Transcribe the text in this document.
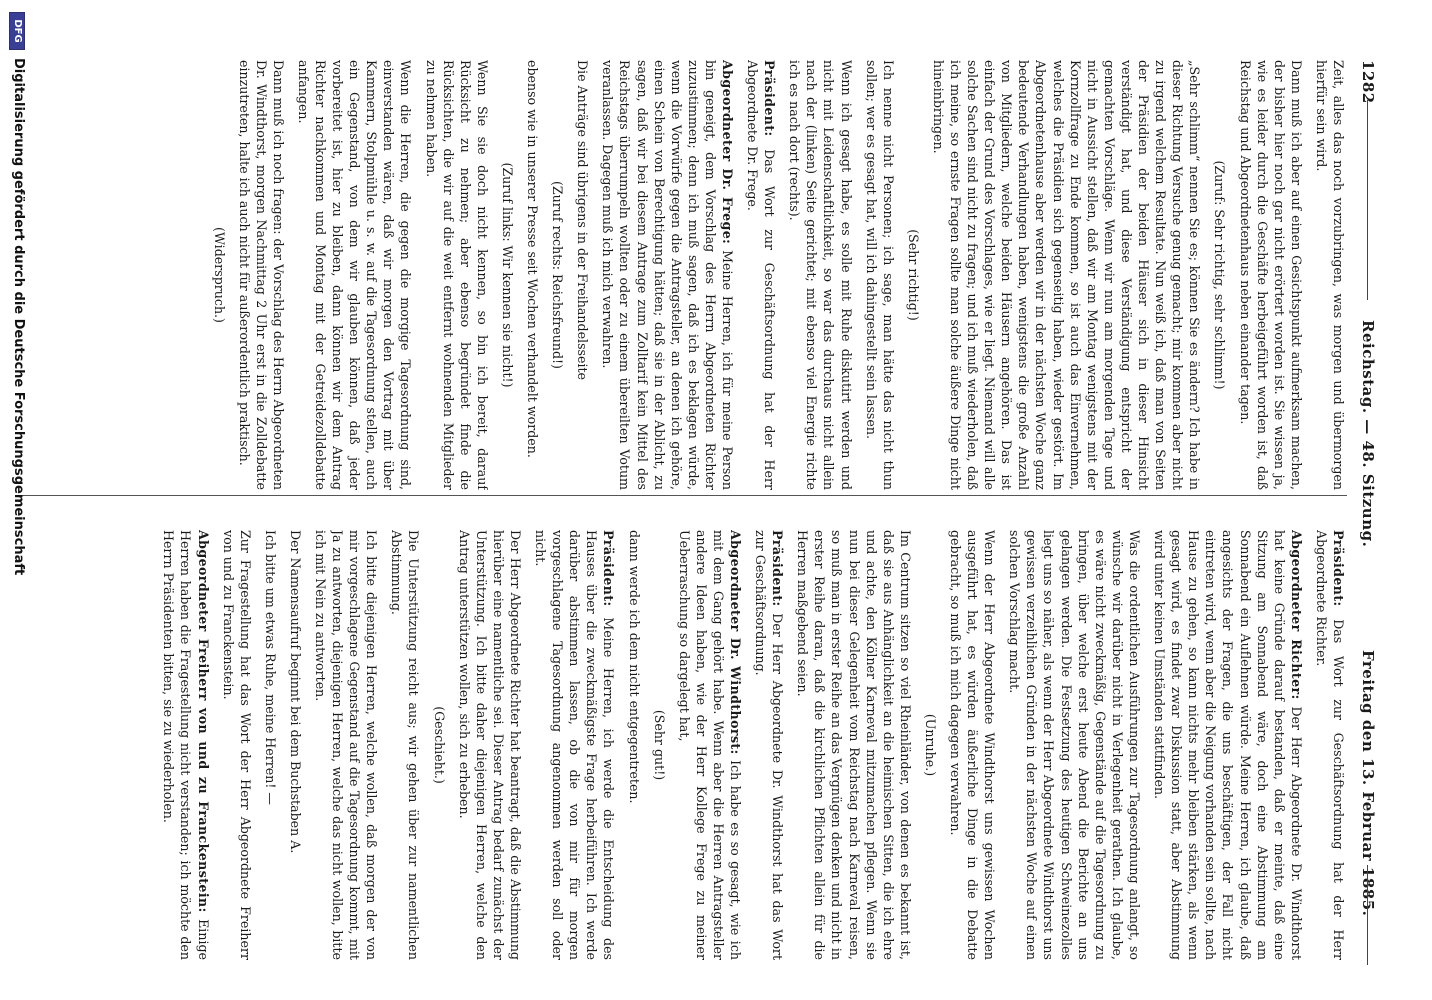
1282
Reichstag. — 48. Sitzung.
Freitag den 13. Februar 1885.

Zeit, alles das noch vorzubringen, was morgen und übermorgen hierfür sein wird.

Dann muß ich aber auf einen Gesichtspunkt aufmerksam machen, der bisher hier noch gar nicht erörtert worden ist. Sie wissen ja, wie es leider durch die Geschäfte herbeigeführt worden ist, daß Reichstag und Abgeordnetenhaus neben einander tagen.

(Zuruf: Sehr richtig, sehr schlimm!)

„Sehr schlimm“ nennen Sie es; können Sie es ändern? Ich habe in dieser Richtung Versuche genug gemacht; mir kommen aber nicht zu irgend welchem Resultate. Nun weiß ich, daß man von Seiten der Präsidien der beiden Häuser sich in dieser Hinsicht verständigt hat, und diese Verständigung entspricht der gemachten Vorschläge. Wenn wir nun am morgenden Tage und nicht in Aussicht stellen, daß wir am Montag wenigstens mit der Kornzollfrage zu Ende kommen, so ist auch das Einvernehmen, welches die Präsidien sich gegenseitig haben, wieder gestört. Im Abgeordnetenhause aber werden wir in der nächsten Woche ganz bedeutende Verhandlungen haben, wenigstens die große Anzahl von Mitgliedern, welche beiden Häusern angehören. Das ist einfach der Grund des Vorschlages, wie er liegt. Niemand will alle solche Sachen sind nicht zu fragen; und ich muß wiederholen, daß ich meine, so ernste Fragen sollte man solche äußere Dinge nicht hineinbringen.

(Sehr richtig!)

Ich nenne nicht Personen; ich sage, man hätte das nicht thun sollen; wer es gesagt hat, will ich dahingestellt sein lassen.

Wenn ich gesagt habe, es solle mit Ruhe diskutirt werden und nicht mit Leidenschaftlichkeit, so war das durchaus nicht allein nach der (linken) Seite gerichtet; mit ebenso viel Energie richte ich es nach dort (rechts).

Präsident: Das Wort zur Geschäftsordnung hat der Herr Abgeordnete Dr. Frege.

Abgeordneter Dr. Frege: Meine Herren, ich für meine Person bin geneigt, dem Vorschlag des Herrn Abgeordneten Richter zuzustimmen; denn ich muß sagen, daß ich es beklagen würde, wenn die Vorwürfe gegen die Antragsteller, an denen ich gehöre, einen Schein von Berechtigung hätten; daß sie in der Ablicht, zu sagen, daß wir bei diesem Antrage zum Zolltarif kein Mittel des Reichstags überrumpeln wollten oder zu einem übereilten Votum veranlassen. Dagegen muß ich mich verwahren.

Die Anträge sind übrigens in der Freihandelsseite

(Zuruf rechts: Reichsfreund!)

ebenso wie in unserer Presse seit Wochen verhandelt worden.

(Zuruf links: Wir kennen sie nicht!)

Wenn Sie sie doch nicht kennen, so bin ich bereit, darauf Rücksicht zu nehmen; aber ebenso begründet finde die Rücksichten, die wir auf die weit entfernt wohnenden Mitglieder zu nehmen haben.

Wenn die Herren, die gegen die morgige Tagesordnung sind, einverstanden wären, daß wir morgen den Vortrag mit über Kammern, Stolpmühle u. s. w. auf die Tagesordnung stellen, auch ein Gegenstand, von dem wir glauben können, daß jeder vorbereitet ist, hier zu bleiben, dann können wir dem Antrag Richter nachkommen und Montag mit der Getreidezolldebatte anfangen.

Dann muß ich noch fragen: der Vorschlag des Herrn Abgeordneten Dr. Windthorst, morgen Nachmittag 2 Uhr erst in die Zolldebatte einzutreten, halte ich auch nicht für außerordentlich praktisch.

(Widerspruch.)

Präsident: Das Wort zur Geschäftsordnung hat der Herr Abgeordnete Richter.

Abgeordneter Richter: Der Herr Abgeordnete Dr. Windthorst hat keine Gründe darauf bestanden, daß er meinte, daß eine Sitzung am Sonnabend wäre, doch eine Abstimmung am Sonnabend ein Auflehnen würde. Meine Herren, ich glaube, daß angesichts der Fragen, die uns beschäftigen, der Fall nicht eintreten wird, wenn aber die Neigung vorhanden sein sollte, nach Hause zu gehen, so kann nichts mehr bleiben stärken, als wenn gesagt wird, es findet zwar Diskussion statt, aber Abstimmung wird unter keinen Umständen stattfinden.

Was die ordentlichen Ausführungen zur Tagesordnung anlangt, so wünsche wir darüber nicht in Verlegenheit gerathen. Ich glaube, es wäre nicht zweckmäßig, Gegenstände auf die Tagesordnung zu bringen, über welche erst heute Abend die Berichte an uns gelangen werden. Die Festsetzung des heutigen Schweinezolles liegt uns so näher, als wenn der Herr Abgeordnete Windthorst uns gewissen verzeihlichen Gründen in der nächsten Woche auf einen solchen Vorschlag macht.

Wenn der Herr Abgeordnete Windthorst uns gewissen Wochen ausgeführt hat, es würden äußerliche Dinge in die Debatte gebracht, so muß ich mich dagegen verwahren.

(Unruhe.)

Im Centrum sitzen so viel Rheinländer, von denen es bekannt ist, daß sie aus Anhänglichkeit an die heimischen Sitten, die ich ehre und achte, den Kölner Karneval mitzumachen pflegen. Wenn sie nun bei dieser Gelegenheit vom Reichstag nach Karneval reisen, so muß man in erster Reihe an das Vergnügen denken und nicht in erster Reihe daran, daß die kirchlichen Pflichten allein für die Herren maßgebend seien.

Präsident: Der Herr Abgeordnete Dr. Windthorst hat das Wort zur Geschäftsordnung.

Abgeordneter Dr. Windthorst: Ich habe es so gesagt, wie ich mit dem Gang gehört habe. Wenn aber die Herren Antragsteller andere Ideen haben, wie der Herr Kollege Frege zu meiner Ueberraschung so dargelegt hat,

(Sehr gut!)

dann werde ich dem nicht entgegentreten.

Präsident: Meine Herren, ich werde die Entscheidung des Hauses über die zweckmäßigste Frage herbeiführen. Ich werde darüber abstimmen lassen, ob die von mir für morgen vorgeschlagene Tagesordnung angenommen werden soll oder nicht.

Der Herr Abgeordnete Richter hat beantragt, daß die Abstimmung hierüber eine namentliche sei. Dieser Antrag bedarf zunächst der Unterstützung. Ich bitte daher diejenigen Herren, welche den Antrag unterstützen wollen, sich zu erheben.

(Geschieht.)

Die Unterstützung reicht aus; wir gehen über zur namentlichen Abstimmung.

Ich bitte diejenigen Herren, welche wollen, daß morgen der von mir vorgeschlagene Gegenstand auf die Tagesordnung kommt, mit Ja zu antworten, diejenigen Herren, welche das nicht wollen, bitte ich mit Nein zu antworten.

Der Namensaufruf beginnt bei dem Buchstaben A.

Ich bitte um etwas Ruhe, meine Herren! —

Zur Fragestellung hat das Wort der Herr Abgeordnete Freiherr von und zu Franckenstein.

Abgeordneter Freiherr von und zu Franckenstein: Einige Herren haben die Fragestellung nicht verstanden; ich möchte den Herrn Präsidenten bitten, sie zu wiederholen.

DFG
Digitalisierung gefördert durch die Deutsche Forschungsgemeinschaft
